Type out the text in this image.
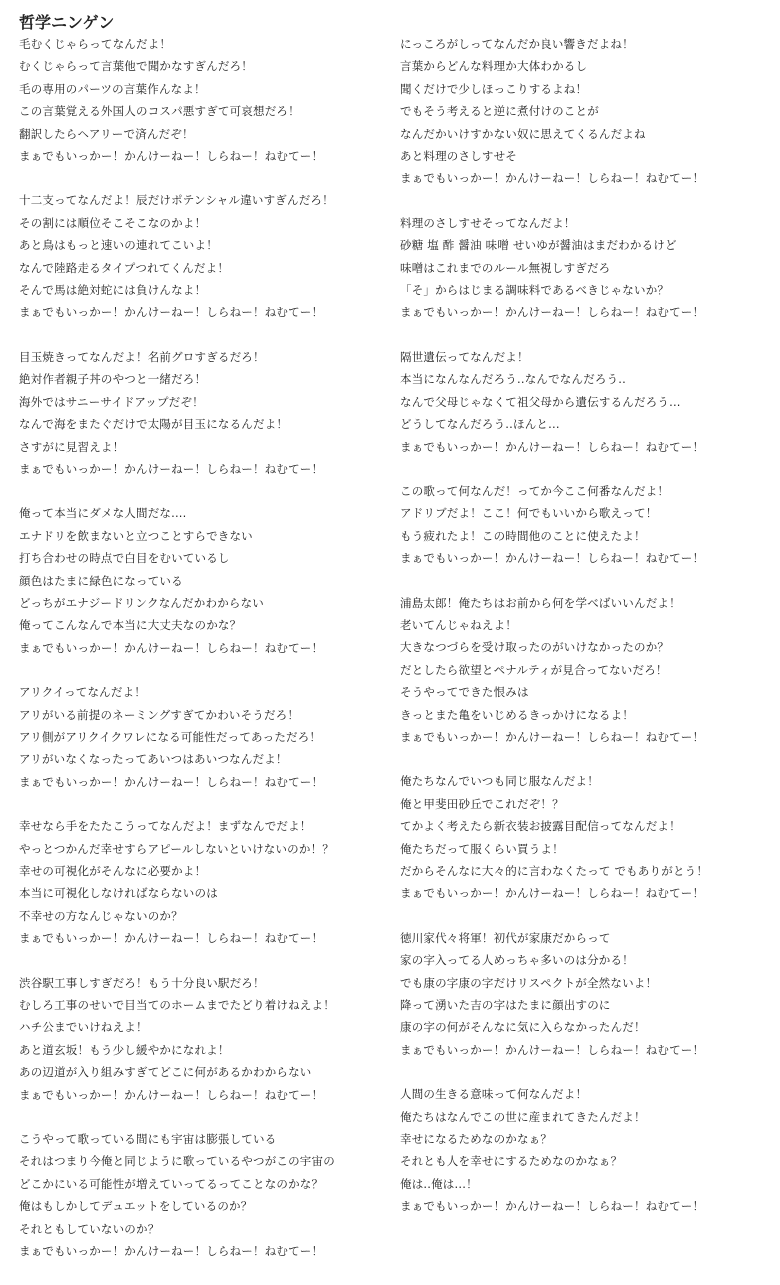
哲学ニンゲン
毛むくじゃらってなんだよ！
むくじゃらって言葉他で聞かなすぎんだろ！
毛の専用のパーツの言葉作んなよ！
この言葉覚える外国人のコスパ悪すぎて可哀想だろ！
翻訳したらヘアリーで済んだぞ！
まぁでもいっかー！かんけーねー！しらねー！ねむてー！
十二支ってなんだよ！辰だけポテンシャル違いすぎんだろ！
その割には順位そこそこなのかよ！
あと鳥はもっと速いの連れてこいよ！
なんで陸路走るタイプつれてくんだよ！
そんで馬は絶対蛇には負けんなよ！
まぁでもいっかー！かんけーねー！しらねー！ねむてー！
目玉焼きってなんだよ！名前グロすぎるだろ！
絶対作者親子丼のやつと一緒だろ！
海外ではサニーサイドアップだぞ！
なんで海をまたぐだけで太陽が目玉になるんだよ！
さすがに見習えよ！
まぁでもいっかー！かんけーねー！しらねー！ねむてー！
俺って本当にダメな人間だな....
エナドリを飲まないと立つことすらできない
打ち合わせの時点で白目をむいているし
顔色はたまに緑色になっている
どっちがエナジードリンクなんだかわからない
俺ってこんなんで本当に大丈夫なのかな？
まぁでもいっかー！かんけーねー！しらねー！ねむてー！
アリクイってなんだよ！
アリがいる前提のネーミングすぎてかわいそうだろ！
アリ側がアリクイクワレになる可能性だってあっただろ！
アリがいなくなったってあいつはあいつなんだよ！
まぁでもいっかー！かんけーねー！しらねー！ねむてー！
幸せなら手をたたこうってなんだよ！まずなんでだよ！
やっとつかんだ幸せすらアピールしないといけないのか！？
幸せの可視化がそんなに必要かよ！
本当に可視化しなければならないのは
不幸せの方なんじゃないのか？
まぁでもいっかー！かんけーねー！しらねー！ねむてー！
渋谷駅工事しすぎだろ！もう十分良い駅だろ！
むしろ工事のせいで目当てのホームまでたどり着けねえよ！
ハチ公までいけねえよ！
あと道玄坂！もう少し緩やかになれよ！
あの辺道が入り組みすぎてどこに何があるかわからない
まぁでもいっかー！かんけーねー！しらねー！ねむてー！
こうやって歌っている間にも宇宙は膨張している
それはつまり今俺と同じように歌っているやつがこの宇宙の
どこかにいる可能性が増えていってるってことなのかな？
俺はもしかしてデュエットをしているのか？
それともしていないのか？
まぁでもいっかー！かんけーねー！しらねー！ねむてー！
にっころがしってなんだか良い響きだよね！
言葉からどんな料理か大体わかるし
聞くだけで少しほっこりするよね！
でもそう考えると逆に煮付けのことが
なんだかいけすかない奴に思えてくるんだよね
あと料理のさしすせそ
まぁでもいっかー！かんけーねー！しらねー！ねむてー！
料理のさしすせそってなんだよ！
砂糖 塩 酢 醤油 味噌 せいゆが醤油はまだわかるけど
味噌はこれまでのルール無視しすぎだろ
「そ」からはじまる調味料であるべきじゃないか？
まぁでもいっかー！かんけーねー！しらねー！ねむてー！
隔世遺伝ってなんだよ！
本当になんなんだろう..なんでなんだろう..
なんで父母じゃなくて祖父母から遺伝するんだろう...
どうしてなんだろう..ほんと...
まぁでもいっかー！かんけーねー！しらねー！ねむてー！
この歌って何なんだ！ってか今ここ何番なんだよ！
アドリブだよ！ここ！何でもいいから歌えって！
もう疲れたよ！この時間他のことに使えたよ！
まぁでもいっかー！かんけーねー！しらねー！ねむてー！
浦島太郎！俺たちはお前から何を学べばいいんだよ！
老いてんじゃねえよ！
大きなつづらを受け取ったのがいけなかったのか？
だとしたら欲望とペナルティが見合ってないだろ！
そうやってできた恨みは
きっとまた亀をいじめるきっかけになるよ！
まぁでもいっかー！かんけーねー！しらねー！ねむてー！
俺たちなんでいつも同じ服なんだよ！
俺と甲斐田砂丘でこれだぞ！？
てかよく考えたら新衣装お披露目配信ってなんだよ！
俺たちだって服くらい買うよ！
だからそんなに大々的に言わなくたって でもありがとう！
まぁでもいっかー！かんけーねー！しらねー！ねむてー！
徳川家代々将軍！初代が家康だからって
家の字入ってる人めっちゃ多いのは分かる！
でも康の字康の字だけリスペクトが全然ないよ！
降って湧いた吉の字はたまに顔出すのに
康の字の何がそんなに気に入らなかったんだ！
まぁでもいっかー！かんけーねー！しらねー！ねむてー！
人間の生きる意味って何なんだよ！
俺たちはなんでこの世に産まれてきたんだよ！
幸せになるためなのかなぁ？
それとも人を幸せにするためなのかなぁ？
俺は..俺は...！
まぁでもいっかー！かんけーねー！しらねー！ねむてー！
